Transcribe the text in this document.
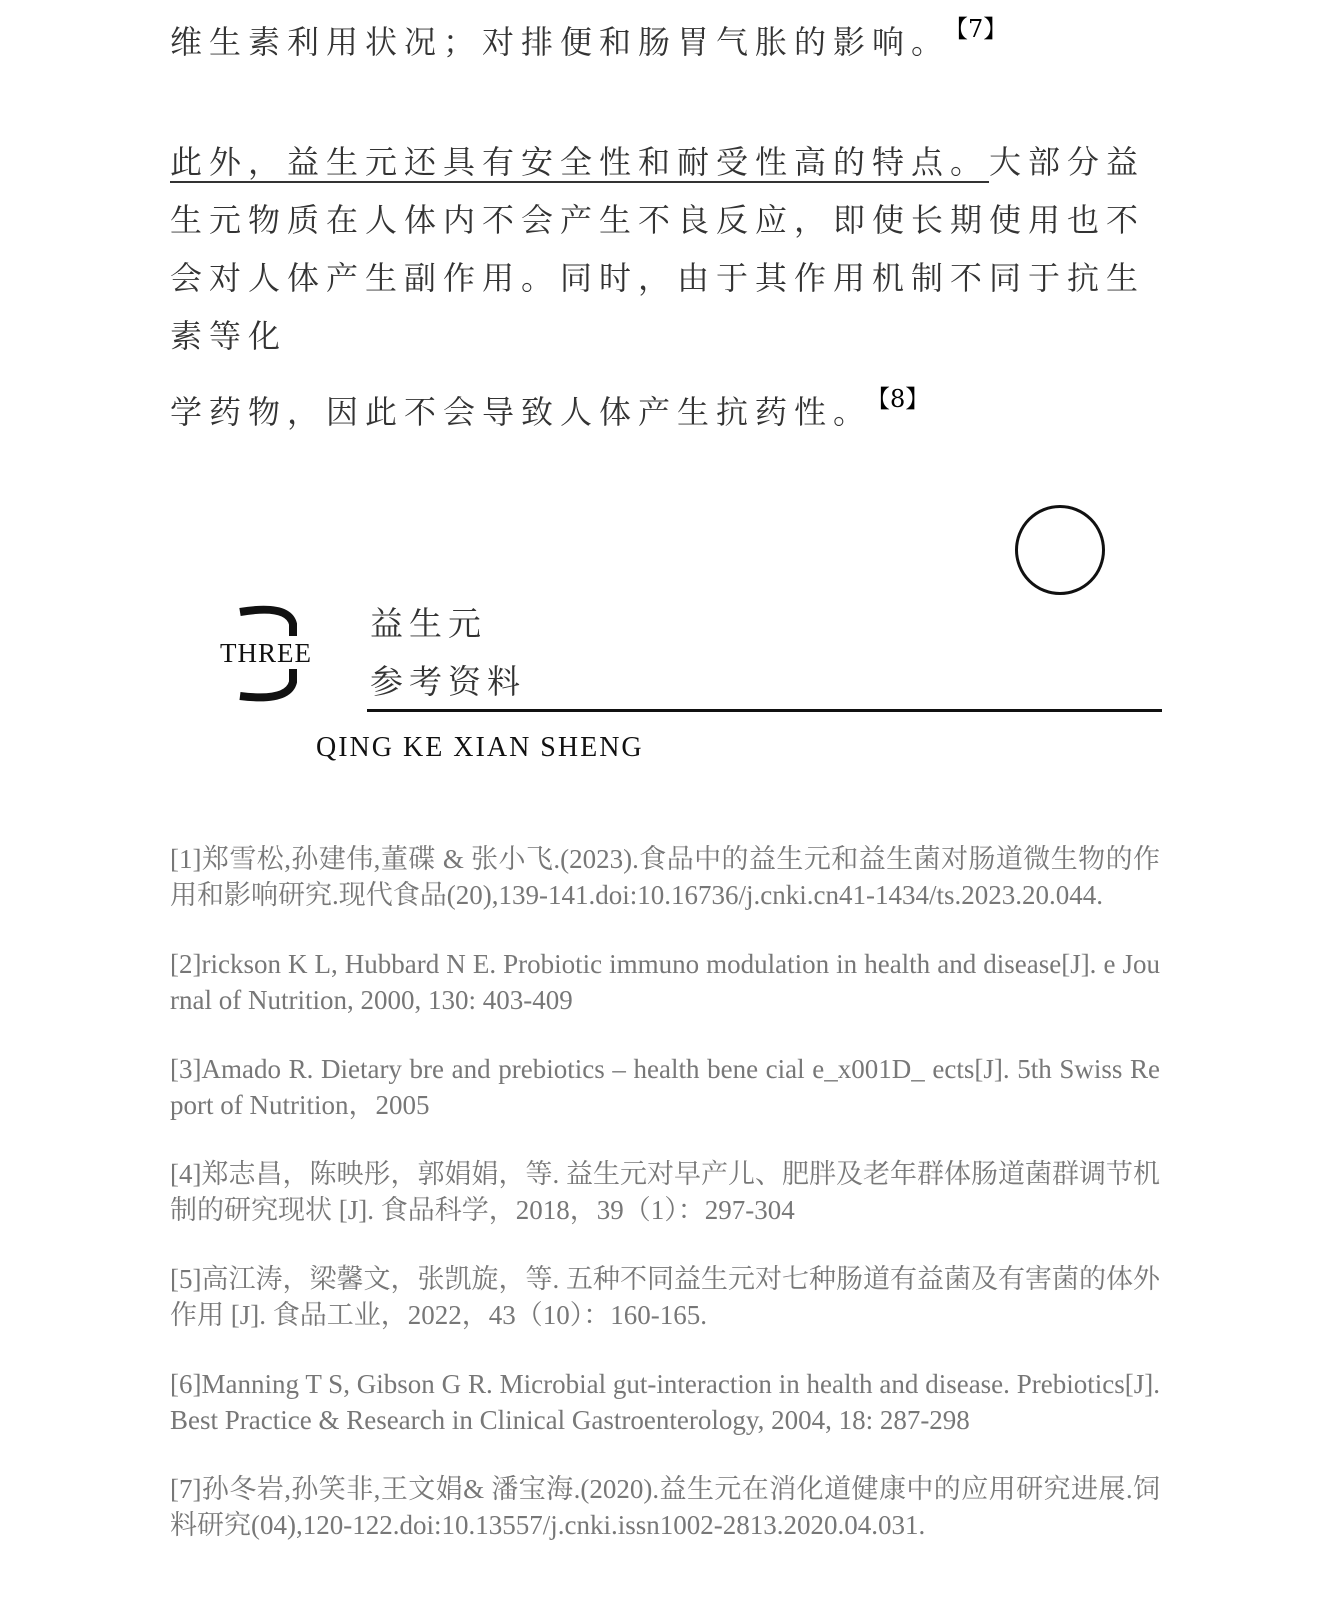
维生素利用状况；对排便和肠胃气胀的影响。 $^{【7】}$
此外，益生元还具有安全性和耐受性高的特点。大部分益生元物质在人体内不会产生不良反应，即使长期使用也不会对人体产生副作用。同时，由于其作用机制不同于抗生素等化
学药物，因此不会导致人体产生抗药性。 $^{【8】}$
THREE
益生元
参考资料
QING KE XIAN SHENG

[1]郑雪松,孙建伟,董碟 & 张小飞.(2023).食品中的益生元和益生菌对肠道微生物的作用和影响研究.现代食品(20),139-141.doi:10.16736/j.cnki.cn41-1434/ts.2023.20.044.

[2]rickson K L, Hubbard N E. Probiotic immuno modulation in health and disease[J]. e Journal of Nutrition, 2000, 130: 403-409

[3]Amado R. Dietary bre and prebiotics – health bene cial e_x001D_ ects[J]. 5th Swiss Report of Nutrition，2005

[4]郑志昌，陈映彤，郭娟娟，等. 益生元对早产儿、肥胖及老年群体肠道菌群调节机制的研究现状 [J]. 食品科学，2018，39（1）：297-304

[5]高江涛，梁馨文，张凯旋，等. 五种不同益生元对七种肠道有益菌及有害菌的体外作用 [J]. 食品工业，2022，43（10）：160-165.

[6]Manning T S, Gibson G R. Microbial gut-interaction in health and disease. Prebiotics[J]. Best Practice & Research in Clinical Gastroenterology, 2004, 18: 287-298

[7]孙冬岩,孙笑非,王文娟& 潘宝海.(2020).益生元在消化道健康中的应用研究进展.饲料研究(04),120-122.doi:10.13557/j.cnki.issn1002-2813.2020.04.031.
